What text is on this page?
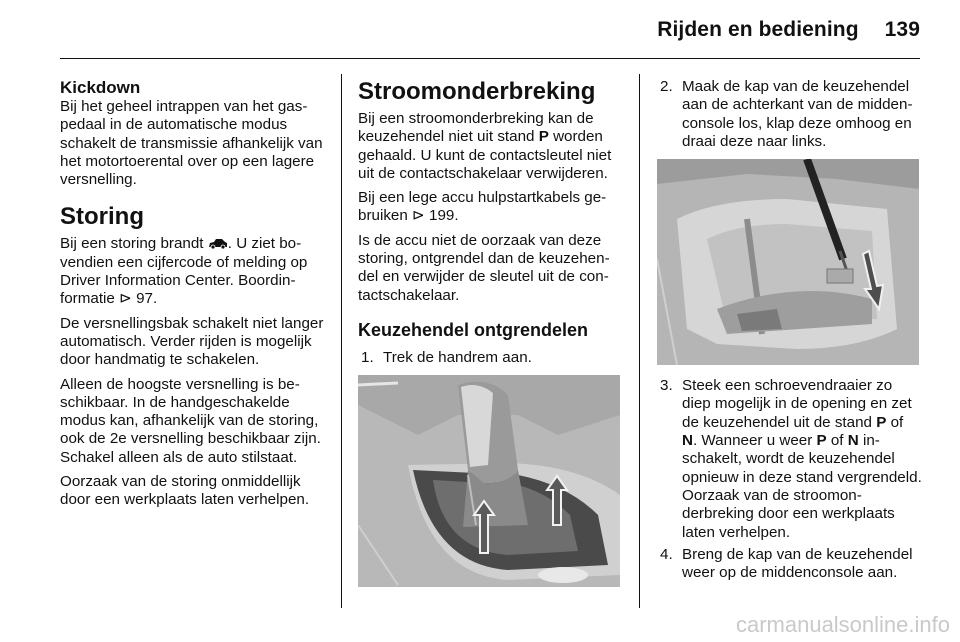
Rijden en bediening 139
Kickdown

Bij het geheel intrappen van het gaspedaal in de automatische modus schakelt de transmissie afhankelijk van het motortoerental over op een lagere versnelling.

Storing

Bij een storing brandt . U ziet bovendien een cijfercode of melding op Driver Information Center. Boordinformatie ⊳ 97.

De versnellingsbak schakelt niet langer automatisch. Verder rijden is mogelijk door handmatig te schakelen.

Alleen de hoogste versnelling is beschikbaar. In de handgeschakelde modus kan, afhankelijk van de storing, ook de 2e versnelling beschikbaar zijn. Schakel alleen als de auto stilstaat.

Oorzaak van de storing onmiddellijk door een werkplaats laten verhelpen.

Stroomonderbreking

Bij een stroomonderbreking kan de keuzehendel niet uit stand P worden gehaald. U kunt de contactsleutel niet uit de contactschakelaar verwijderen.

Bij een lege accu hulpstartkabels gebruiken ⊳ 199.

Is de accu niet de oorzaak van deze storing, ontgrendel dan de keuzehendel en verwijder de sleutel uit de contactschakelaar.

Keuzehendel ontgrendelen
1. Trek de handrem aan.
2. Maak de kap van de keuzehendel aan de achterkant van de middenconsole los, klap deze omhoog en draai deze naar links.
3. Steek een schroevendraaier zo diep mogelijk in de opening en zet de keuzehendel uit de stand P of N. Wanneer u weer P of N inschakelt, wordt de keuzehendel opnieuw in deze stand vergrendeld. Oorzaak van de stroomonderbreking door een werkplaats laten verhelpen.
4. Breng de kap van de keuzehendel weer op de middenconsole aan.
carmanualsonline.info
